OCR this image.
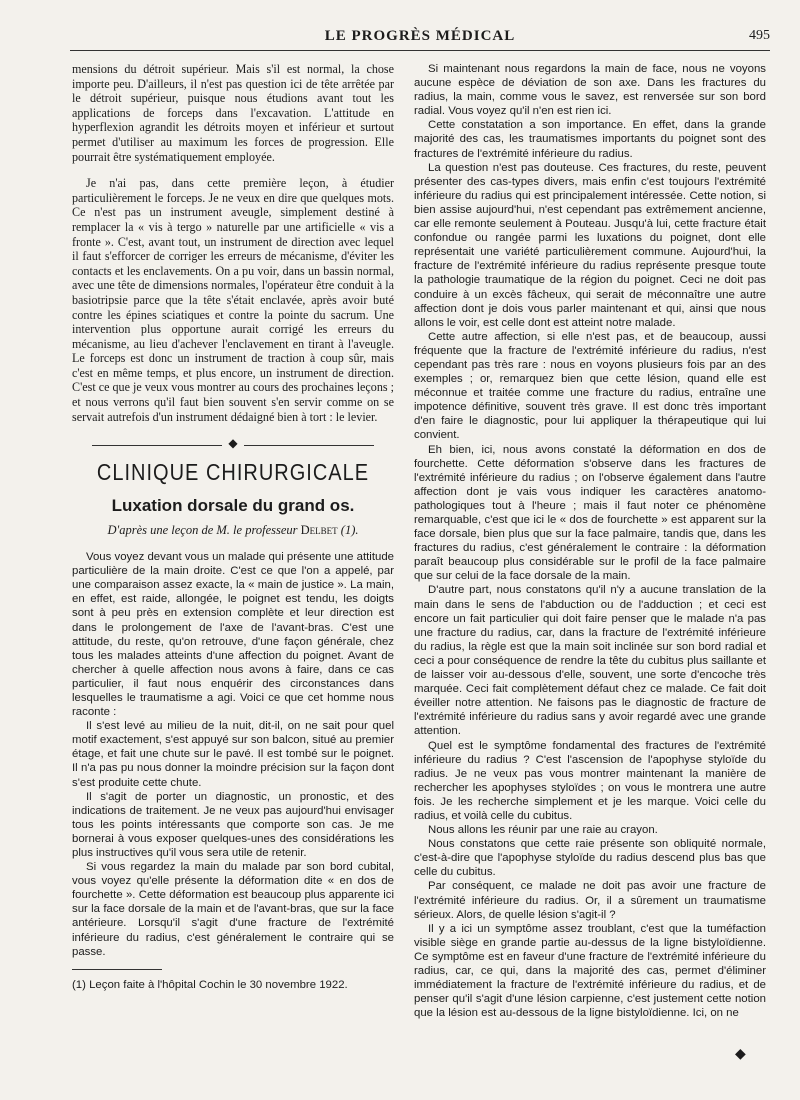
LE PROGRÈS MÉDICAL	495

mensions du détroit supérieur. Mais s'il est normal, la chose importe peu. D'ailleurs, il n'est pas question ici de tête arrêtée par le détroit supérieur, puisque nous étudions avant tout les applications de forceps dans l'excavation. L'attitude en hyperflexion agrandit les détroits moyen et inférieur et surtout permet d'utiliser au maximum les forces de progression. Elle pourrait être systématiquement employée.

Je n'ai pas, dans cette première leçon, à étudier particulièrement le forceps. Je ne veux en dire que quelques mots. Ce n'est pas un instrument aveugle, simplement destiné à remplacer la « vis à tergo » naturelle par une artificielle « vis a fronte ». C'est, avant tout, un instrument de direction avec lequel il faut s'efforcer de corriger les erreurs de mécanisme, d'éviter les contacts et les enclavements. On a pu voir, dans un bassin normal, avec une tête de dimensions normales, l'opérateur être conduit à la basiotripsie parce que la tête s'était enclavée, après avoir buté contre les épines sciatiques et contre la pointe du sacrum. Une intervention plus opportune aurait corrigé les erreurs du mécanisme, au lieu d'achever l'enclavement en tirant à l'aveugle. Le forceps est donc un instrument de traction à coup sûr, mais c'est en même temps, et plus encore, un instrument de direction. C'est ce que je veux vous montrer au cours des prochaines leçons ; et nous verrons qu'il faut bien souvent s'en servir comme on se servait autrefois d'un instrument dédaigné bien à tort : le levier.

◆
CLINIQUE CHIRURGICALE
Luxation dorsale du grand os.
D'après une leçon de M. le professeur Delbet (1).

Vous voyez devant vous un malade qui présente une attitude particulière de la main droite. C'est ce que l'on a appelé, par une comparaison assez exacte, la « main de justice ». La main, en effet, est raide, allongée, le poignet est tendu, les doigts sont à peu près en extension complète et leur direction est dans le prolongement de l'axe de l'avant-bras. C'est une attitude, du reste, qu'on retrouve, d'une façon générale, chez tous les malades atteints d'une affection du poignet. Avant de chercher à quelle affection nous avons à faire, dans ce cas particulier, il faut nous enquérir des circonstances dans lesquelles le traumatisme a agi. Voici ce que cet homme nous raconte :

Il s'est levé au milieu de la nuit, dit-il, on ne sait pour quel motif exactement, s'est appuyé sur son balcon, situé au premier étage, et fait une chute sur le pavé. Il est tombé sur le poignet. Il n'a pas pu nous donner la moindre précision sur la façon dont s'est produite cette chute.

Il s'agit de porter un diagnostic, un pronostic, et des indications de traitement. Je ne veux pas aujourd'hui envisager tous les points intéressants que comporte son cas. Je me bornerai à vous exposer quelques-unes des considérations les plus instructives qu'il vous sera utile de retenir.

Si vous regardez la main du malade par son bord cubital, vous voyez qu'elle présente la déformation dite « en dos de fourchette ». Cette déformation est beaucoup plus apparente ici sur la face dorsale de la main et de l'avant-bras, que sur la face antérieure. Lorsqu'il s'agit d'une fracture de l'extrémité inférieure du radius, c'est généralement le contraire qui se passe.

(1) Leçon faite à l'hôpital Cochin le 30 novembre 1922.

Si maintenant nous regardons la main de face, nous ne voyons aucune espèce de déviation de son axe. Dans les fractures du radius, la main, comme vous le savez, est renversée sur son bord radial. Vous voyez qu'il n'en est rien ici.

Cette constatation a son importance. En effet, dans la grande majorité des cas, les traumatismes importants du poignet sont des fractures de l'extrémité inférieure du radius.

La question n'est pas douteuse. Ces fractures, du reste, peuvent présenter des cas-types divers, mais enfin c'est toujours l'extrémité inférieure du radius qui est principalement intéressée. Cette notion, si bien assise aujourd'hui, n'est cependant pas extrêmement ancienne, car elle remonte seulement à Pouteau. Jusqu'à lui, cette fracture était confondue ou rangée parmi les luxations du poignet, dont elle représentait une variété particulièrement commune. Aujourd'hui, la fracture de l'extrémité inférieure du radius représente presque toute la pathologie traumatique de la région du poignet. Ceci ne doit pas conduire à un excès fâcheux, qui serait de méconnaître une autre affection dont je dois vous parler maintenant et qui, ainsi que nous allons le voir, est celle dont est atteint notre malade.

Cette autre affection, si elle n'est pas, et de beaucoup, aussi fréquente que la fracture de l'extrémité inférieure du radius, n'est cependant pas très rare : nous en voyons plusieurs fois par an des exemples ; or, remarquez bien que cette lésion, quand elle est méconnue et traitée comme une fracture du radius, entraîne une impotence définitive, souvent très grave. Il est donc très important d'en faire le diagnostic, pour lui appliquer la thérapeutique qui lui convient.

Eh bien, ici, nous avons constaté la déformation en dos de fourchette. Cette déformation s'observe dans les fractures de l'extrémité inférieure du radius ; on l'observe également dans l'autre affection dont je vais vous indiquer les caractères anatomo-pathologiques tout à l'heure ; mais il faut noter ce phénomène remarquable, c'est que ici le « dos de fourchette » est apparent sur la face dorsale, bien plus que sur la face palmaire, tandis que, dans les fractures du radius, c'est généralement le contraire : la déformation paraît beaucoup plus considérable sur le profil de la face palmaire que sur celui de la face dorsale de la main.

D'autre part, nous constatons qu'il n'y a aucune translation de la main dans le sens de l'abduction ou de l'adduction ; et ceci est encore un fait particulier qui doit faire penser que le malade n'a pas une fracture du radius, car, dans la fracture de l'extrémité inférieure du radius, la règle est que la main soit inclinée sur son bord radial et ceci a pour conséquence de rendre la tête du cubitus plus saillante et de laisser voir au-dessous d'elle, souvent, une sorte d'encoche très marquée. Ceci fait complètement défaut chez ce malade. Ce fait doit éveiller notre attention. Ne faisons pas le diagnostic de fracture de l'extrémité inférieure du radius sans y avoir regardé avec une grande attention.

Quel est le symptôme fondamental des fractures de l'extrémité inférieure du radius ? C'est l'ascension de l'apophyse styloïde du radius. Je ne veux pas vous montrer maintenant la manière de rechercher les apophyses styloïdes ; on vous le montrera une autre fois. Je les recherche simplement et je les marque. Voici celle du radius, et voilà celle du cubitus.

Nous allons les réunir par une raie au crayon.

Nous constatons que cette raie présente son obliquité normale, c'est-à-dire que l'apophyse styloïde du radius descend plus bas que celle du cubitus.

Par conséquent, ce malade ne doit pas avoir une fracture de l'extrémité inférieure du radius. Or, il a sûrement un traumatisme sérieux. Alors, de quelle lésion s'agit-il ?

Il y a ici un symptôme assez troublant, c'est que la tuméfaction visible siège en grande partie au-dessus de la ligne bistyloïdienne. Ce symptôme est en faveur d'une fracture de l'extrémité inférieure du radius, car, ce qui, dans la majorité des cas, permet d'éliminer immédiatement la fracture de l'extrémité inférieure du radius, et de penser qu'il s'agit d'une lésion carpienne, c'est justement cette notion que la lésion est au-dessous de la ligne bistyloïdienne. Ici, on ne

◆
